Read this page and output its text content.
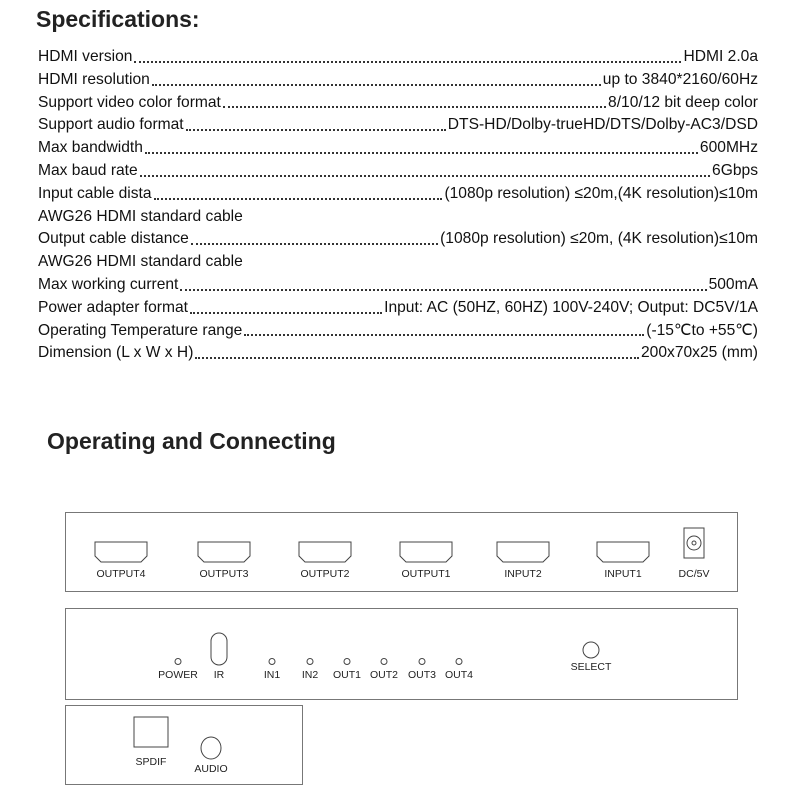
Specifications:
HDMI version	HDMI 2.0a
HDMI resolution	up to 3840*2160/60Hz
Support video color format	8/10/12 bit deep color
Support audio format	DTS-HD/Dolby-trueHD/DTS/Dolby-AC3/DSD
Max bandwidth	600MHz
Max baud rate	6Gbps
Input cable dista	(1080p resolution) ≤20m,(4K resolution)≤10m
AWG26 HDMI standard cable
Output cable distance	(1080p resolution) ≤20m, (4K resolution)≤10m
AWG26 HDMI standard cable
Max working current	500mA
Power adapter format	Input: AC (50HZ, 60HZ) 100V-240V; Output: DC5V/1A
Operating Temperature range	(-15℃to +55℃)
Dimension (L x W x H)	200x70x25 (mm)
Operating and Connecting
OUTPUT4	OUTPUT3	OUTPUT2	OUTPUT1	INPUT2	INPUT1	DC/5V
POWER IR	IN1 IN2 OUT1 OUT2 OUT3 OUT4
SELECT
SPDIF
AUDIO
